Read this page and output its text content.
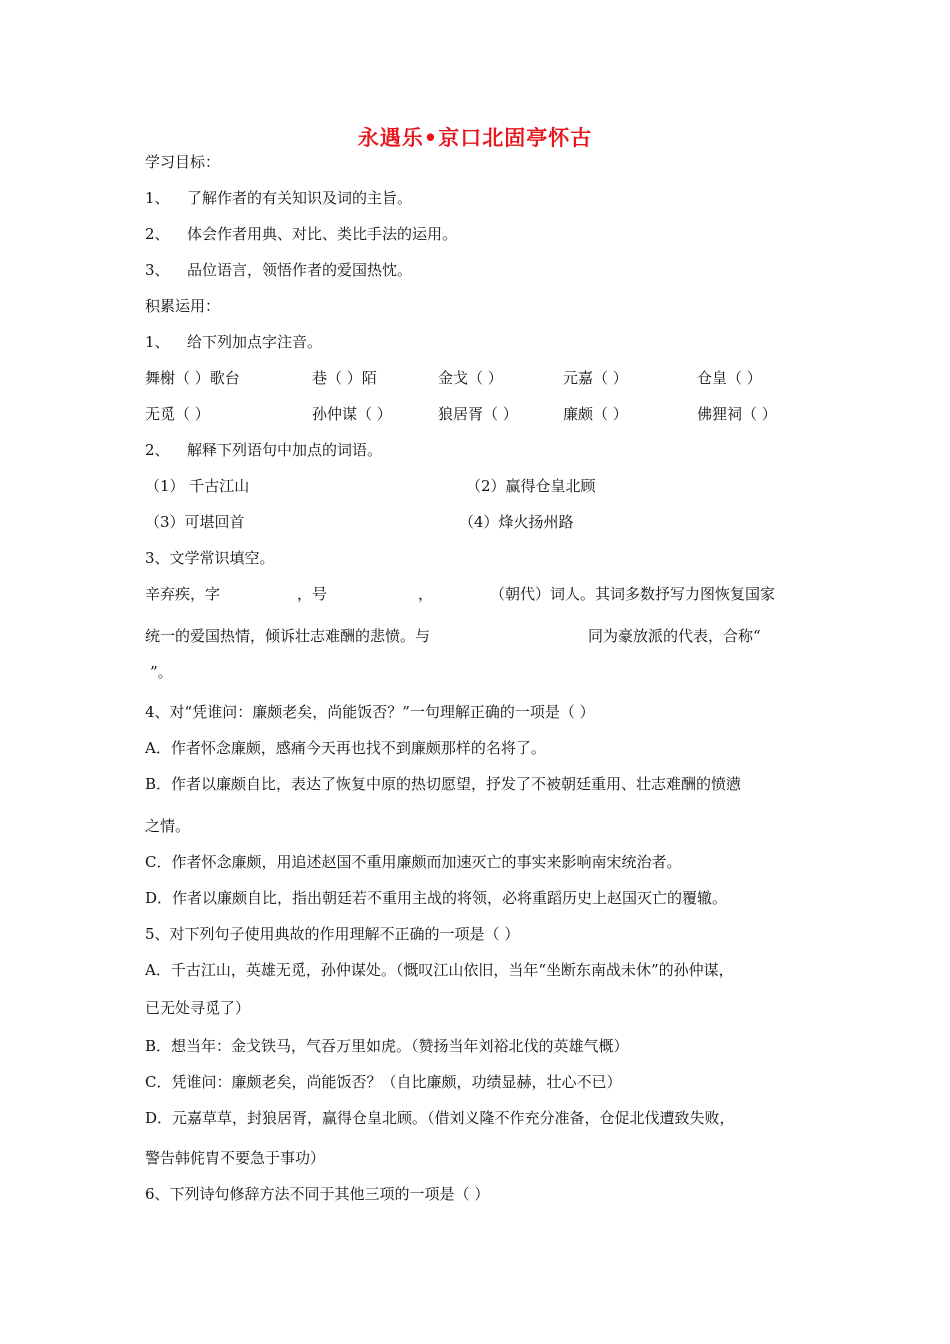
永遇乐•京口北固亭怀古
学习目标：
1、 了解作者的有关知识及词的主旨。
2、 体会作者用典、对比、类比手法的运用。
3、 品位语言，领悟作者的爱国热忱。
积累运用：
1、 给下列加点字注音。
舞榭（ ）歌台	巷（ ）陌	金戈（ ）	元嘉（ ）	仓皇（ ）
无觅（ ）	孙仲谋（ ）	狼居胥（ ）	廉颇（ ）	佛狸祠（ ）
2、 解释下列语句中加点的词语。
（1） 千古江山	（2）赢得仓皇北顾
（3）可堪回首	（4）烽火扬州路
3、文学常识填空。
辛弃疾，字	，号	，	（朝代）词人。其词多数抒写力图恢复国家
统一的爱国热情，倾诉壮志难酬的悲愤。与	同为豪放派的代表，合称“
”。
4、对“凭谁问：廉颇老矣，尚能饭否？”一句理解正确的一项是（ ）
A．作者怀念廉颇，感痛今天再也找不到廉颇那样的名将了。
B．作者以廉颇自比，表达了恢复中原的热切愿望，抒发了不被朝廷重用、壮志难酬的愤懑
之情。
C．作者怀念廉颇，用追述赵国不重用廉颇而加速灭亡的事实来影响南宋统治者。
D．作者以廉颇自比，指出朝廷若不重用主战的将领，必将重蹈历史上赵国灭亡的覆辙。
5、对下列句子使用典故的作用理解不正确的一项是（ ）
A．千古江山，英雄无觅，孙仲谋处。（慨叹江山依旧，当年“坐断东南战未休”的孙仲谋，
已无处寻觅了）
B．想当年：金戈铁马，气吞万里如虎。（赞扬当年刘裕北伐的英雄气概）
C．凭谁问：廉颇老矣，尚能饭否？（自比廉颇，功绩显赫，壮心不已）
D．元嘉草草，封狼居胥，赢得仓皇北顾。（借刘义隆不作充分准备，仓促北伐遭致失败，
警告韩侂胄不要急于事功）
6、下列诗句修辞方法不同于其他三项的一项是（ ）
